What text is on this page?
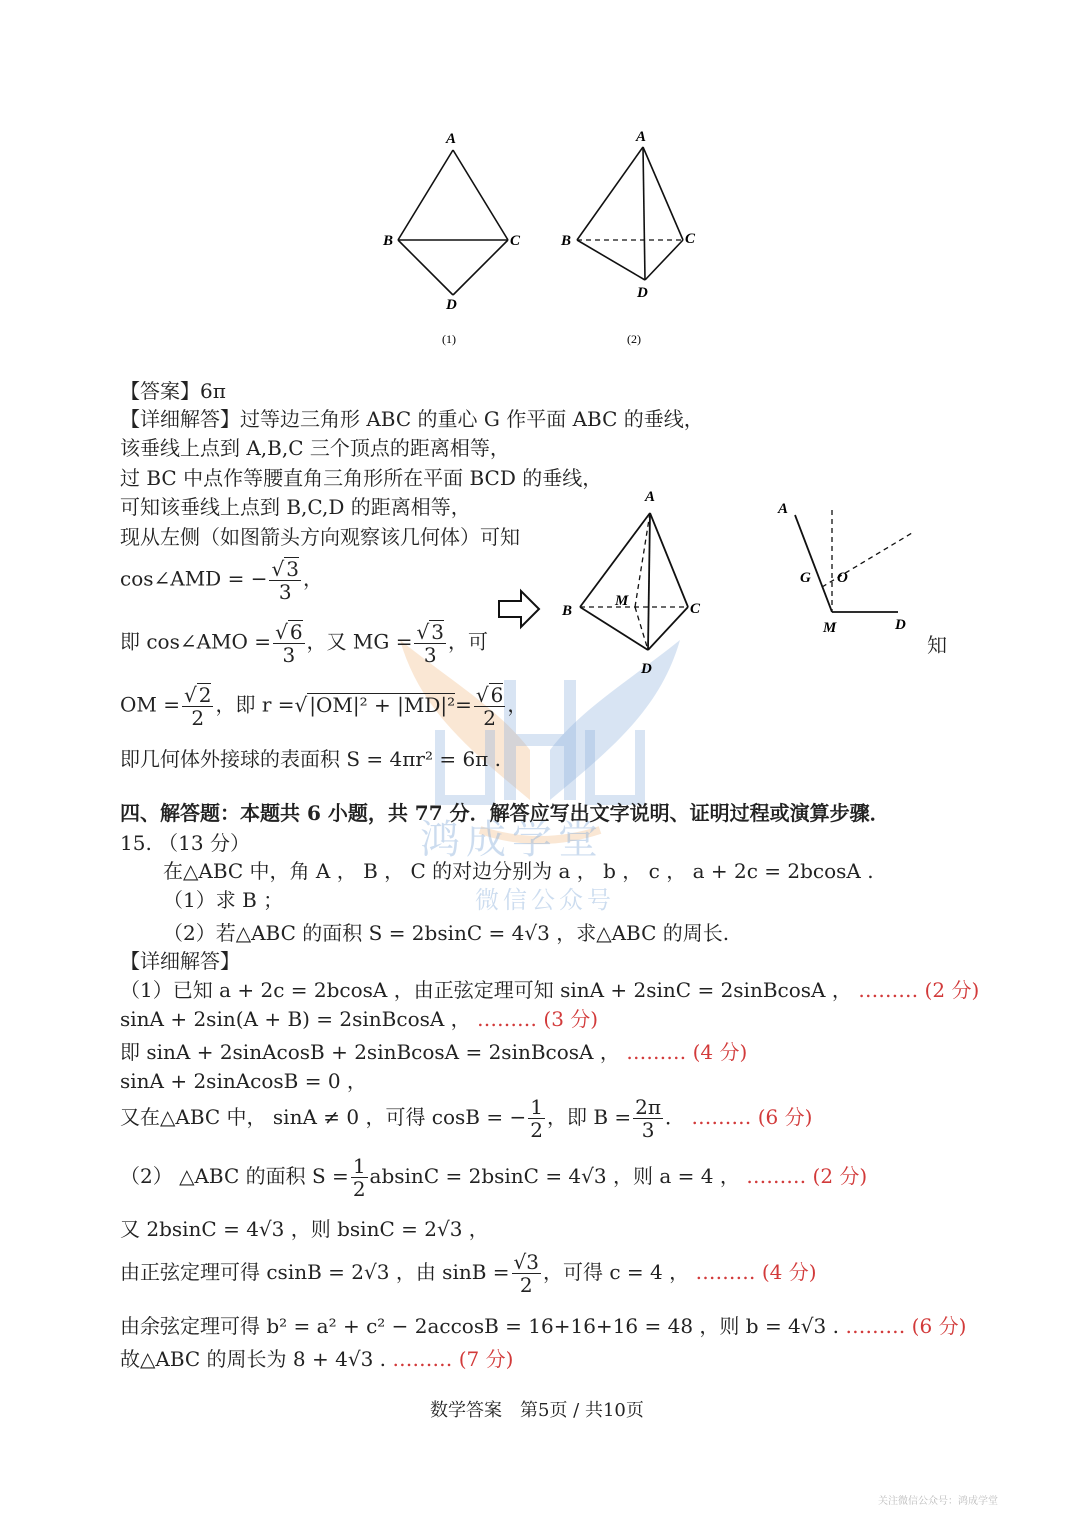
鸿成学堂
微信公众号
A
B	C
D
(1)
A
B	C
D
(2)
A
B	C
D
M
A
G O
M	D
知
【答案】6π
【详细解答】过等边三角形 ABC 的重心 G 作平面 ABC 的垂线，
该垂线上点到 A,B,C 三个顶点的距离相等，
过 BC 中点作等腰直角三角形所在平面 BCD 的垂线，
可知该垂线上点到 B,C,D 的距离相等，
现从左侧（如图箭头方向观察该几何体）可知
cos∠AMD = − √ $\frac{3}{3}$ ，
即 cos∠AMO = √ $\frac{6}{3}$ ，又 MG = √ $\frac{3}{3}$ ，可
OM = √ $\frac{2}{2}$ ，即 r = √ |OM|² + |MD|²= √ $\frac{6}{2}$ ，
即几何体外接球的表面积 S = 4πr² = 6π .
四、解答题：本题共 6 小题，共 77 分．解答应写出文字说明、证明过程或演算步骤．
15. （13 分）
在△ABC 中，角 A ， B ， C 的对边分别为 a ， b ， c ， a + 2c = 2bcosA .
（1）求 B ；
（2）若△ABC 的面积 S = 2bsinC = 4√3 ，求△ABC 的周长.
【详细解答】
（1）已知 a + 2c = 2bcosA ，由正弦定理可知 sinA + 2sinC = 2sinBcosA ， ……… (2 分)
sinA + 2sin(A + B) = 2sinBcosA ， ……… (3 分)
即 sinA + 2sinAcosB + 2sinBcosA = 2sinBcosA ， ……… (4 分)
sinA + 2sinAcosB = 0 ，
又在△ABC 中， sinA ≠ 0 ，可得 cosB = − $\frac{1}{2}$ ，即 $B = \frac{2\pi}{3}$ ． ……… (6 分)
（2） △ABC 的面积 $S = \frac{1}{2}$ absinC = 2bsinC = 4√3 ，则 a = 4 ， ……… (2 分)
又 2bsinC = 4√3 ，则 bsinC = 2√3 ，
由正弦定理可得 csinB = 2√3 ，由 $\sin B = \frac{√3}{2}$ ，可得 c = 4 ， ……… (4 分)
由余弦定理可得 b² = a² + c² − 2accosB = 16+16+16 = 48 ，则 b = 4√3 . ……… (6 分)
故△ABC 的周长为 8 + 4√3 . ……… (7 分)
数学答案　第5页 / 共10页
关注微信公众号：鸿成学堂
